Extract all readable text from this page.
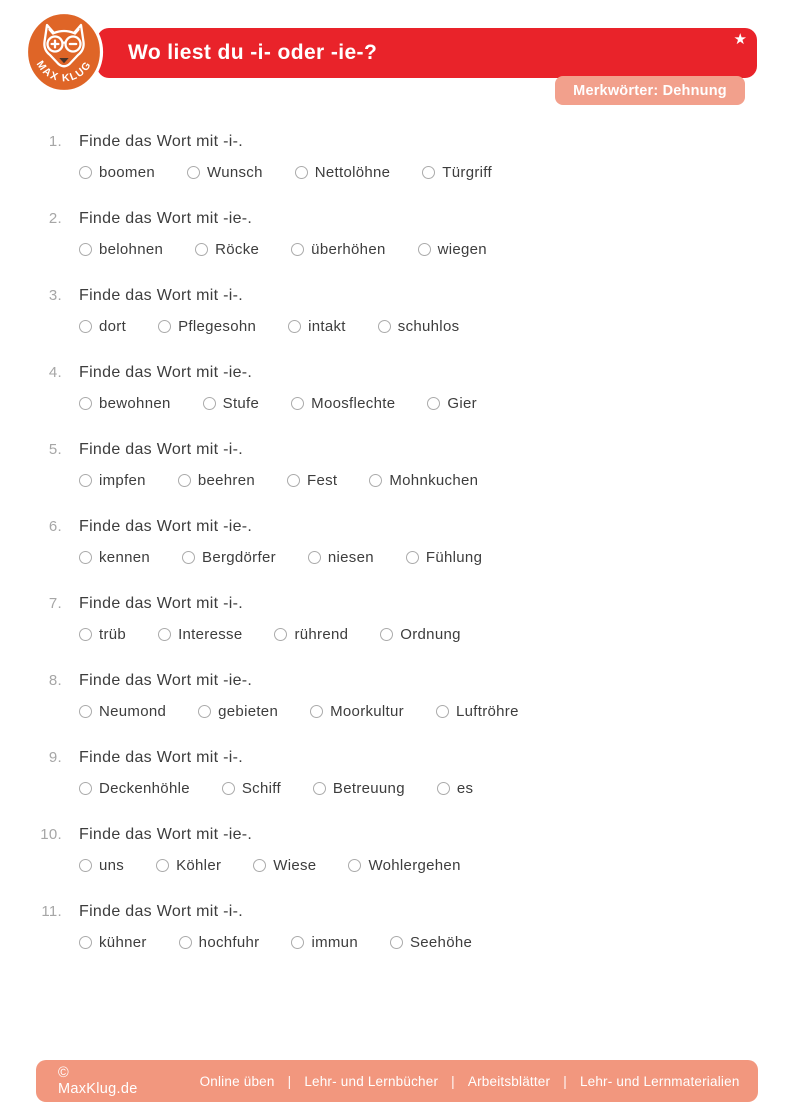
Wo liest du -i- oder -ie-?
★
Merkwörter: Dehnung
MAX KLUG
1. Finde das Wort mit -i-.
boomen	Wunsch	Nettolöhne	Türgriff
2. Finde das Wort mit -ie-.
belohnen	Röcke	überhöhen	wiegen
3. Finde das Wort mit -i-.
dort	Pflegesohn	intakt	schuhlos
4. Finde das Wort mit -ie-.
bewohnen	Stufe	Moosflechte	Gier
5. Finde das Wort mit -i-.
impfen	beehren	Fest	Mohnkuchen
6. Finde das Wort mit -ie-.
kennen	Bergdörfer	niesen	Fühlung
7. Finde das Wort mit -i-.
trüb	Interesse	rührend	Ordnung
8. Finde das Wort mit -ie-.
Neumond	gebieten	Moorkultur	Luftröhre
9. Finde das Wort mit -i-.
Deckenhöhle	Schiff	Betreuung	es
10. Finde das Wort mit -ie-.
uns	Köhler	Wiese	Wohlergehen
11. Finde das Wort mit -i-.
kühner	hochfuhr	immun	Seehöhe
© MaxKlug.de	Online üben | Lehr- und Lernbücher | Arbeitsblätter | Lehr- und Lernmaterialien
